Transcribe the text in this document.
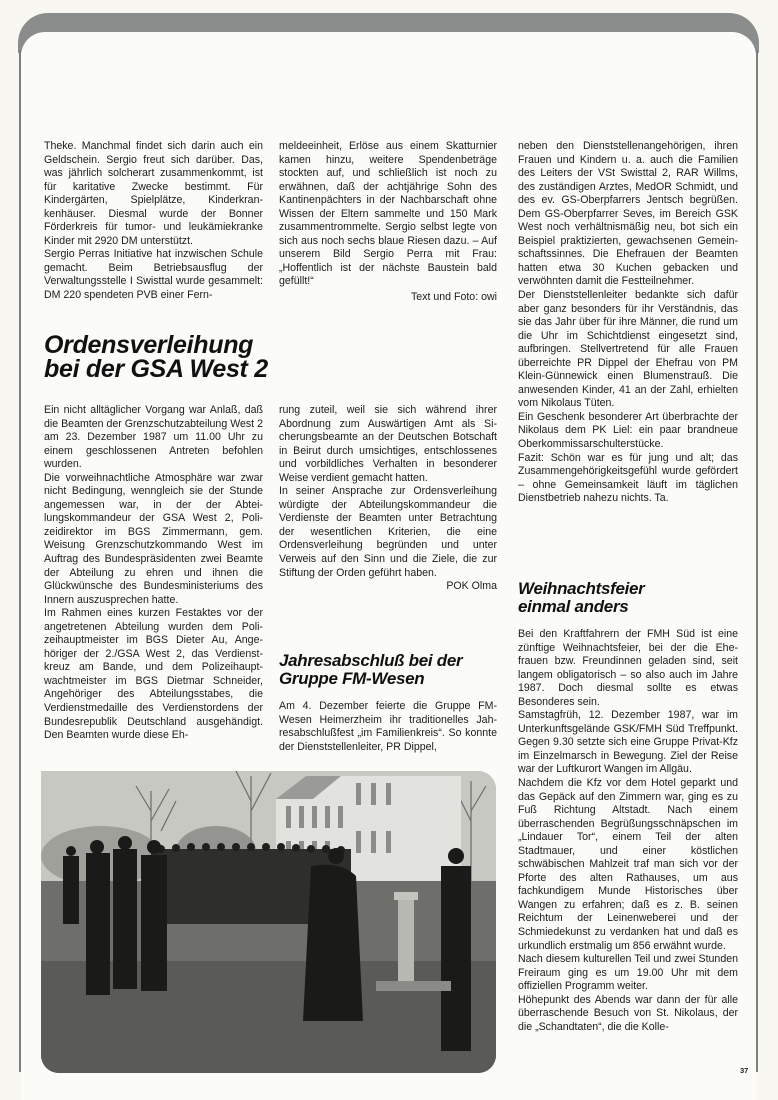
Theke. Manchmal findet sich darin auch ein Geldschein. Sergio freut sich darüber. Das, was jährlich solcherart zusammenkommt, ist für karitative Zwecke bestimmt. Für Kindergärten, Spielplätze, Kinderkrankenhäuser. Diesmal wurde der Bonner Förderkreis für tumor- und leukämiekranke Kinder mit 2920 DM unterstützt.

Sergio Perras Initiative hat inzwischen Schule gemacht. Beim Betriebsausflug der Verwaltungsstelle I Swisttal wurde gesammelt: DM 220 spendeten PVB einer Fern-

meldeeinheit, Erlöse aus einem Skatturnier kamen hinzu, weitere Spendenbeträge stockten auf, und schließlich ist noch zu erwähnen, daß der achtjährige Sohn des Kantinenpächters in der Nachbarschaft ohne Wissen der Eltern sammelte und 150 Mark zusammentrommelte. Sergio selbst legte von sich aus noch sechs blaue Riesen dazu. – Auf unserem Bild Sergio Perra mit Frau: „Hoffentlich ist der nächste Baustein bald gefüllt!“

Text und Foto: owi

neben den Dienststellenangehörigen, ihren Frauen und Kindern u. a. auch die Familien des Leiters der VSt Swisttal 2, RAR Willms, des zuständigen Arztes, MedOR Schmidt, und des ev. GS-Oberpfarrers Jentsch begrüßen. Dem GS-Oberpfarrer Seves, im Bereich GSK West noch verhältnismäßig neu, bot sich ein Beispiel praktizierten, gewachsenen Gemeinschaftssinnes. Die Ehefrauen der Beamten hatten etwa 30 Kuchen gebacken und verwöhnten damit die Festteilnehmer.

Der Dienststellenleiter bedankte sich dafür aber ganz besonders für ihr Verständnis, das sie das Jahr über für ihre Männer, die rund um die Uhr im Schichtdienst eingesetzt sind, aufbringen. Stellvertretend für alle Frauen überreichte PR Dippel der Ehefrau von PM Klein-Günnewick einen Blumenstrauß. Die anwesenden Kinder, 41 an der Zahl, erhielten vom Nikolaus Tüten.

Ein Geschenk besonderer Art überbrachte der Nikolaus dem PK Liel: ein paar brandneue Oberkommissarschulterstücke.

Fazit: Schön war es für jung und alt; das Zusammengehörigkeitsgefühl wurde gefördert – ohne Gemeinsamkeit läuft im täglichen Dienstbetrieb nahezu nichts. Ta.

Ordensverleihung
bei der GSA West 2

Ein nicht alltäglicher Vorgang war Anlaß, daß die Beamten der Grenzschutzabteilung West 2 am 23. Dezember 1987 um 11.00 Uhr zu einem geschlossenen Antreten befohlen wurden.

Die vorweihnachtliche Atmosphäre war zwar nicht Bedingung, wenngleich sie der Stunde angemessen war, in der der Abteilungskommandeur der GSA West 2, Polizeidirektor im BGS Zimmermann, gem. Weisung Grenzschutzkommando West im Auftrag des Bundespräsidenten zwei Beamte der Abteilung zu ehren und ihnen die Glückwünsche des Bundesministeriums des Innern auszusprechen hatte.

Im Rahmen eines kurzen Festaktes vor der angetretenen Abteilung wurden dem Polizeihauptmeister im BGS Dieter Au, Angehöriger der 2./GSA West 2, das Verdienstkreuz am Bande, und dem Polizeihauptwachtmeister im BGS Dietmar Schneider, Angehöriger des Abteilungsstabes, die Verdienstmedaille des Verdienstordens der Bundesrepublik Deutschland ausgehändigt. Den Beamten wurde diese Eh-

rung zuteil, weil sie sich während ihrer Abordnung zum Auswärtigen Amt als Sicherungsbeamte an der Deutschen Botschaft in Beirut durch umsichtiges, entschlossenes und vorbildliches Verhalten in besonderer Weise verdient gemacht hatten.

In seiner Ansprache zur Ordensverleihung würdigte der Abteilungskommandeur die Verdienste der Beamten unter Betrachtung der wesentlichen Kriterien, die eine Ordensverleihung begründen und unter Verweis auf den Sinn und die Ziele, die zur Stiftung der Orden geführt haben.

POK Olma

Jahresabschluß bei der
Gruppe FM-Wesen

Am 4. Dezember feierte die Gruppe FM-Wesen Heimerzheim ihr traditionelles Jahresabschlußfest „im Familienkreis“. So konnte der Dienststellenleiter, PR Dippel,

Weihnachtsfeier
einmal anders

Bei den Kraftfahrern der FMH Süd ist eine zünftige Weihnachtsfeier, bei der die Ehefrauen bzw. Freundinnen geladen sind, seit langem obligatorisch – so also auch im Jahre 1987. Doch diesmal sollte es etwas Besonderes sein.

Samstagfrüh, 12. Dezember 1987, war im Unterkunftsgelände GSK/FMH Süd Treffpunkt. Gegen 9.30 setzte sich eine Gruppe Privat-Kfz im Einzelmarsch in Bewegung. Ziel der Reise war der Luftkurort Wangen im Allgäu.

Nachdem die Kfz vor dem Hotel geparkt und das Gepäck auf den Zimmern war, ging es zu Fuß Richtung Altstadt. Nach einem überraschenden Begrüßungsschnäpschen im „Lindauer Tor“, einem Teil der alten Stadtmauer, und einer köstlichen schwäbischen Mahlzeit traf man sich vor der Pforte des alten Rathauses, um aus fachkundigem Munde Historisches über Wangen zu erfahren; daß es z. B. seinen Reichtum der Leinenweberei und der Schmiedekunst zu verdanken hat und daß es urkundlich erstmalig um 856 erwähnt wurde.

Nach diesem kulturellen Teil und zwei Stunden Freiraum ging es um 19.00 Uhr mit dem offiziellen Programm weiter.

Höhepunkt des Abends war dann der für alle überraschende Besuch von St. Nikolaus, der die „Schandtaten“, die die Kolle-

37
